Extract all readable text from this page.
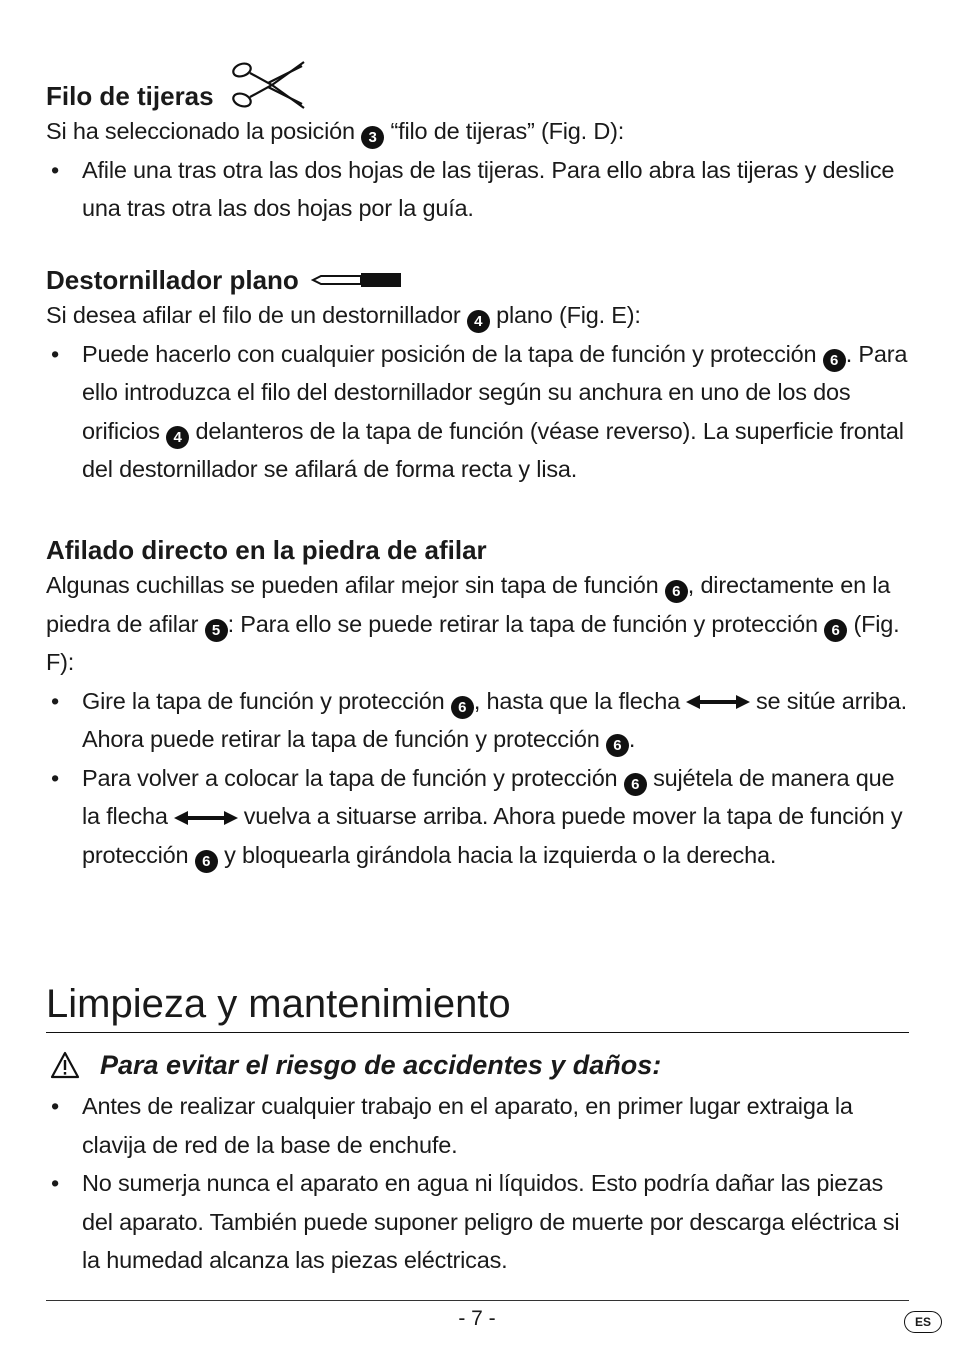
Filo de tijeras

Si ha seleccionado la posición 3 “filo de tijeras” (Fig. D):

• Afile una tras otra las dos hojas de las tijeras. Para ello abra las tijeras y deslice una tras otra las dos hojas por la guía.
Destornillador plano

Si desea afilar el filo de un destornillador 4 plano (Fig. E):

• Puede hacerlo con cualquier posición de la tapa de función y protección 6 . Para ello introduzca el filo del destornillador según su anchura en uno de los dos orificios 4 delanteros de la tapa de función (véase reverso). La superficie frontal del destornillador se afilará de forma recta y lisa.
Afilado directo en la piedra de afilar

Algunas cuchillas se pueden afilar mejor sin tapa de función 6 , directamente en la piedra de afilar 5 : Para ello se puede retirar la tapa de función y protección 6 (Fig. F):

• Gire la tapa de función y protección 6 , hasta que la flecha	se sitúe arriba. Ahora puede retirar la tapa de función y protección 6 .
• Para volver a colocar la tapa de función y protección 6 sujétela de manera que la flecha	vuelva a situarse arriba. Ahora puede mover la tapa de función y protección 6 y bloquearla girándola hacia la izquierda o la derecha.
Limpieza y mantenimiento
Para evitar el riesgo de accidentes y daños:
• Antes de realizar cualquier trabajo en el aparato, en primer lugar extraiga la clavija de red de la base de enchufe.
• No sumerja nunca el aparato en agua ni líquidos. Esto podría dañar las piezas del aparato. También puede suponer peligro de muerte por descarga eléctrica si la humedad alcanza las piezas eléctricas.
- 7 -	ES
